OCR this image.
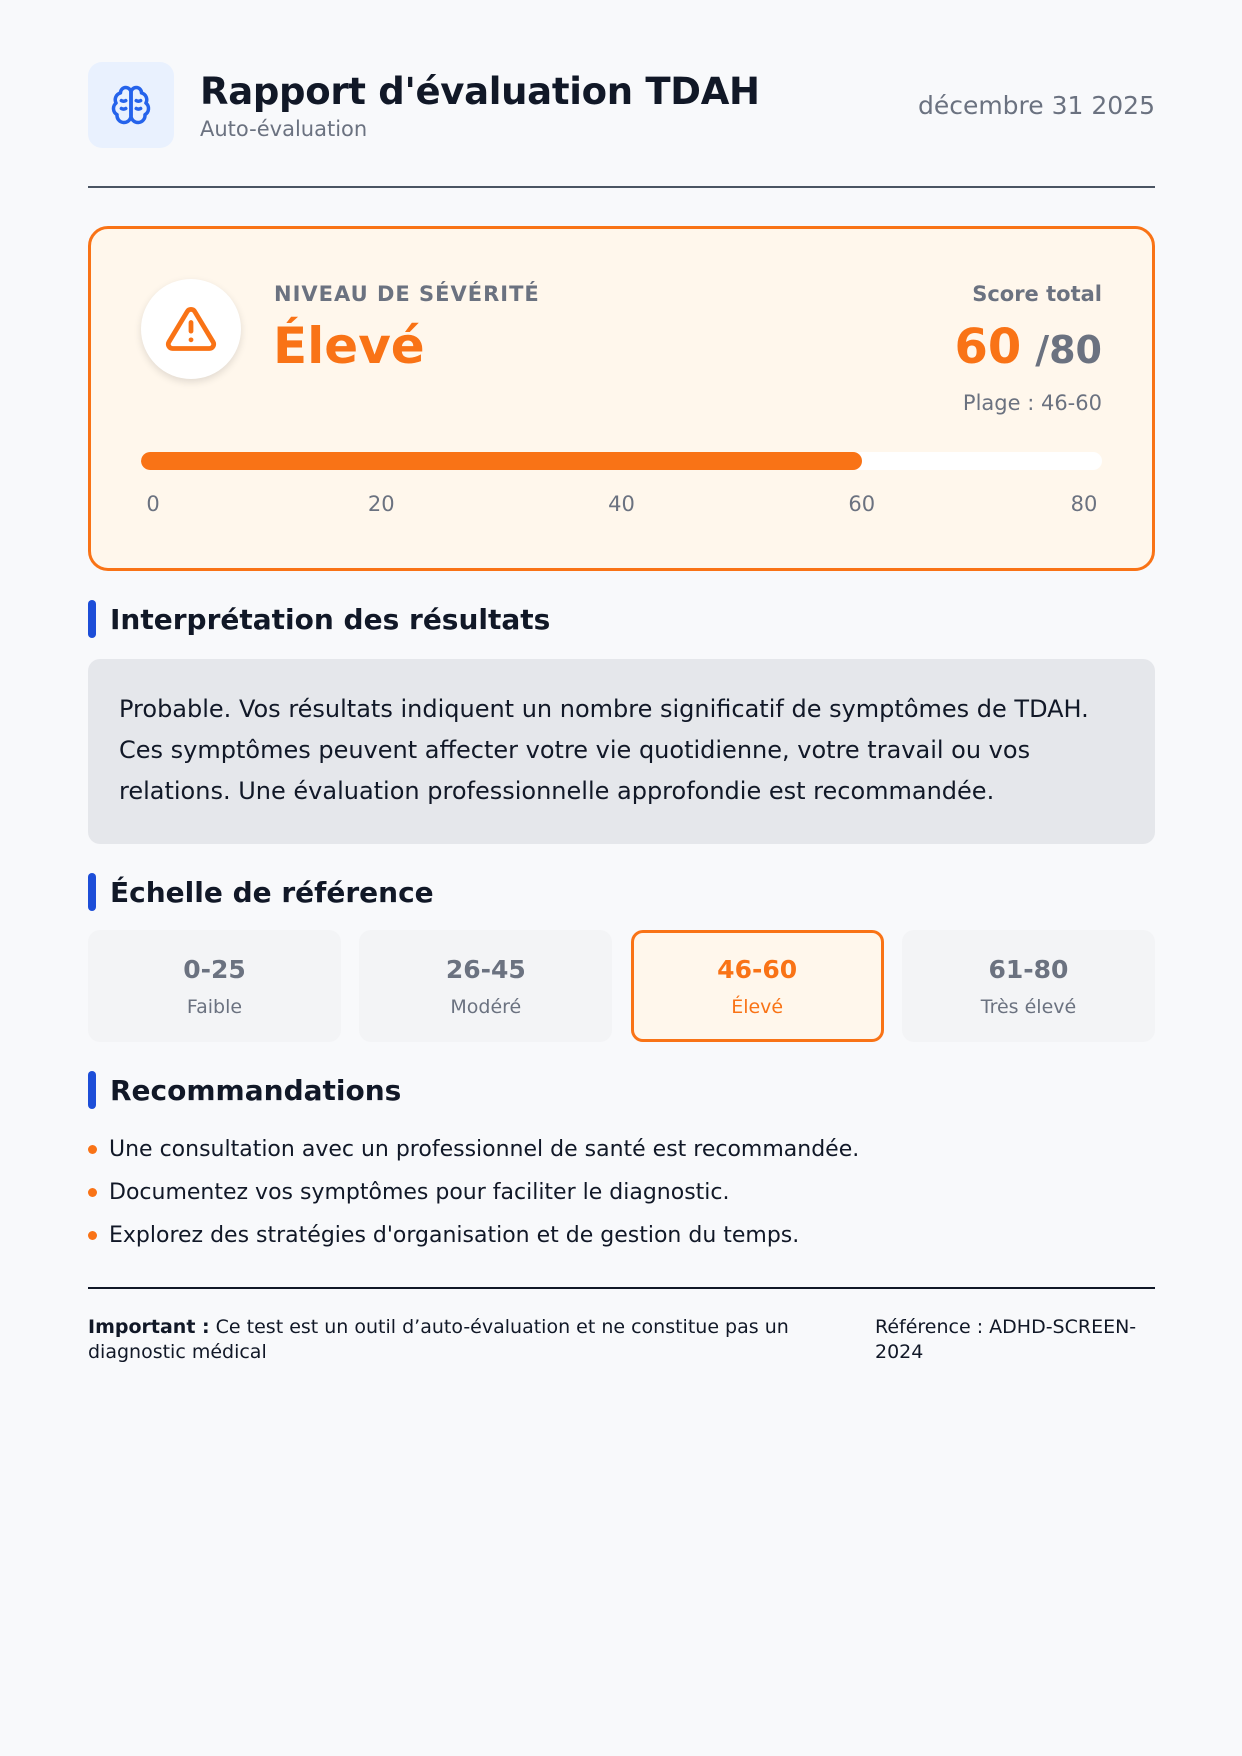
Rapport d'évaluation TDAH
Auto-évaluation
décembre 31 2025
NIVEAU DE SÉVÉRITÉ
Élevé
Score total
60 /80
Plage : 46-60
0	20	40	60	80
Interprétation des résultats
Probable. Vos résultats indiquent un nombre significatif de symptômes de TDAH. Ces symptômes peuvent affecter votre vie quotidienne, votre travail ou vos relations. Une évaluation professionnelle approfondie est recommandée.
Échelle de référence
0-25
Faible
26-45
Modéré
46-60
Élevé
61-80
Très élevé
Recommandations
Une consultation avec un professionnel de santé est recommandée.
Documentez vos symptômes pour faciliter le diagnostic.
Explorez des stratégies d'organisation et de gestion du temps.
Important : Ce test est un outil d’auto-évaluation et ne constitue pas un diagnostic médical
Référence : ADHD-SCREEN-2024
